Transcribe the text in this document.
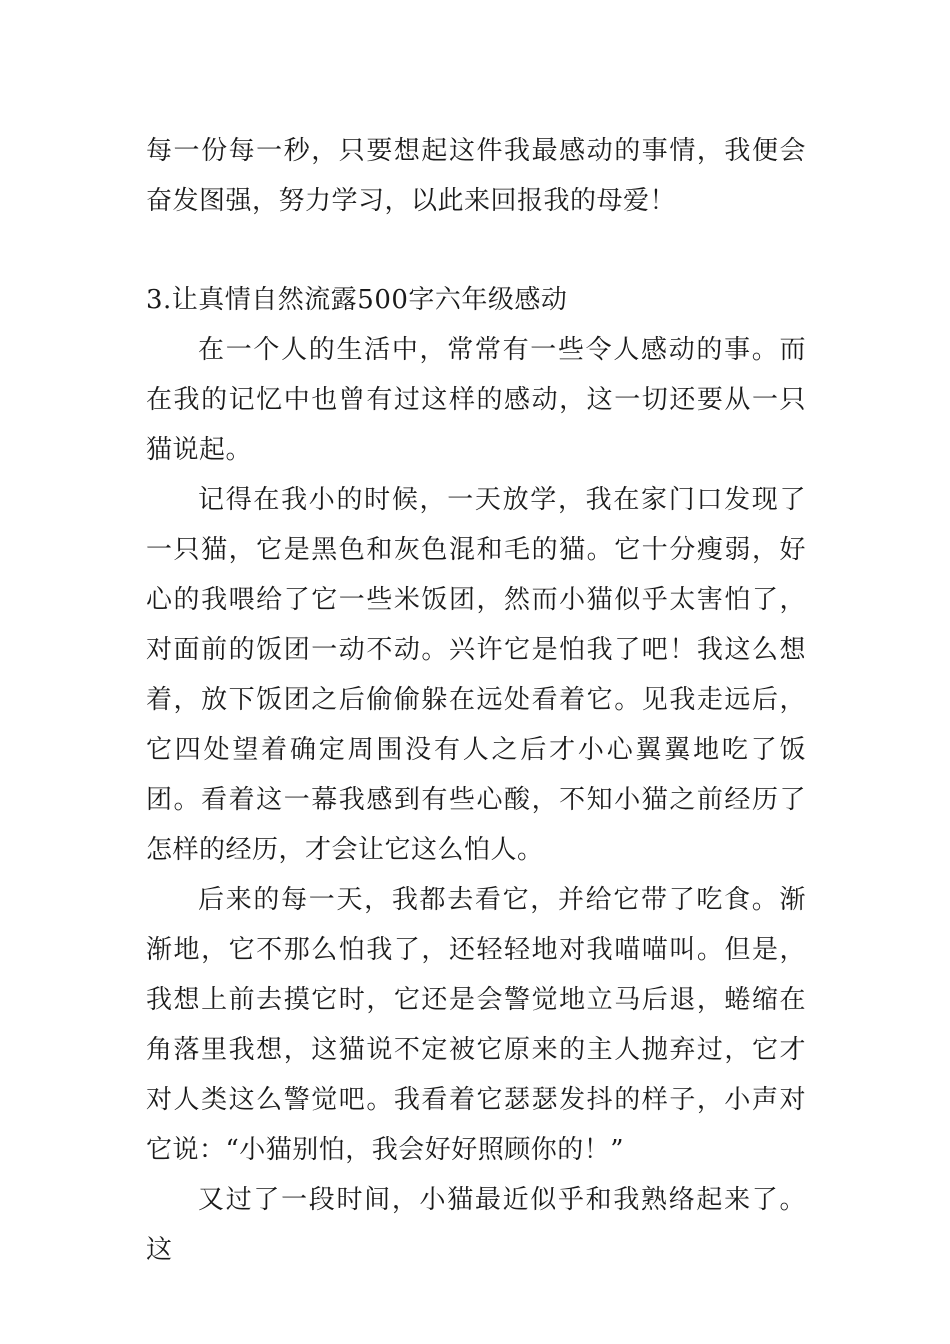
每一份每一秒，只要想起这件我最感动的事情，我便会奋发图强，努力学习，以此来回报我的母爱！

3.让真情自然流露500字六年级感动

在一个人的生活中，常常有一些令人感动的事。而在我的记忆中也曾有过这样的感动，这一切还要从一只猫说起。

记得在我小的时候，一天放学，我在家门口发现了一只猫，它是黑色和灰色混和毛的猫。它十分瘦弱，好心的我喂给了它一些米饭团，然而小猫似乎太害怕了，对面前的饭团一动不动。兴许它是怕我了吧！我这么想着，放下饭团之后偷偷躲在远处看着它。见我走远后，它四处望着确定周围没有人之后才小心翼翼地吃了饭团。看着这一幕我感到有些心酸，不知小猫之前经历了怎样的经历，才会让它这么怕人。

后来的每一天，我都去看它，并给它带了吃食。渐渐地，它不那么怕我了，还轻轻地对我喵喵叫。但是，我想上前去摸它时，它还是会警觉地立马后退，蜷缩在角落里我想，这猫说不定被它原来的主人抛弃过，它才对人类这么警觉吧。我看着它瑟瑟发抖的样子，小声对它说：“小猫别怕，我会好好照顾你的！”

又过了一段时间，小猫最近似乎和我熟络起来了。这
